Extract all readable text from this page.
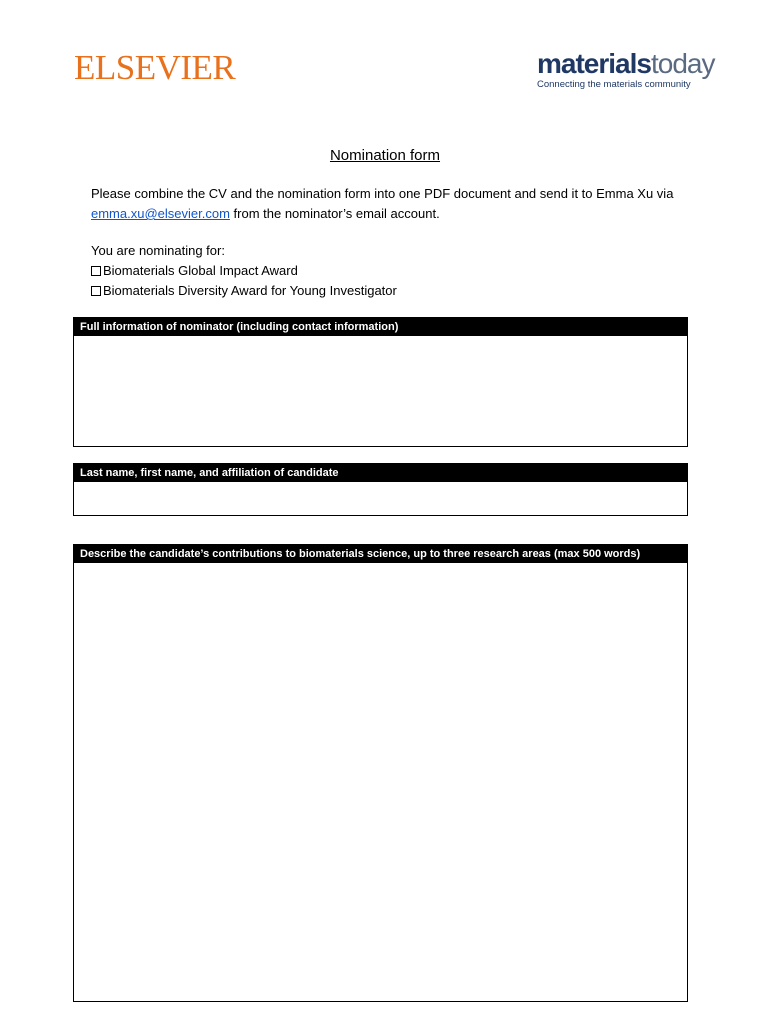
ELSEVIER	materialstoday
Connecting the materials community
Nomination form
Please combine the CV and the nomination form into one PDF document and send it to Emma Xu via emma.xu@elsevier.com from the nominator’s email account.
You are nominating for:
Biomaterials Global Impact Award
Biomaterials Diversity Award for Young Investigator
Full information of nominator (including contact information)
Last name, first name, and affiliation of candidate
Describe the candidate’s contributions to biomaterials science, up to three research areas (max 500 words)
